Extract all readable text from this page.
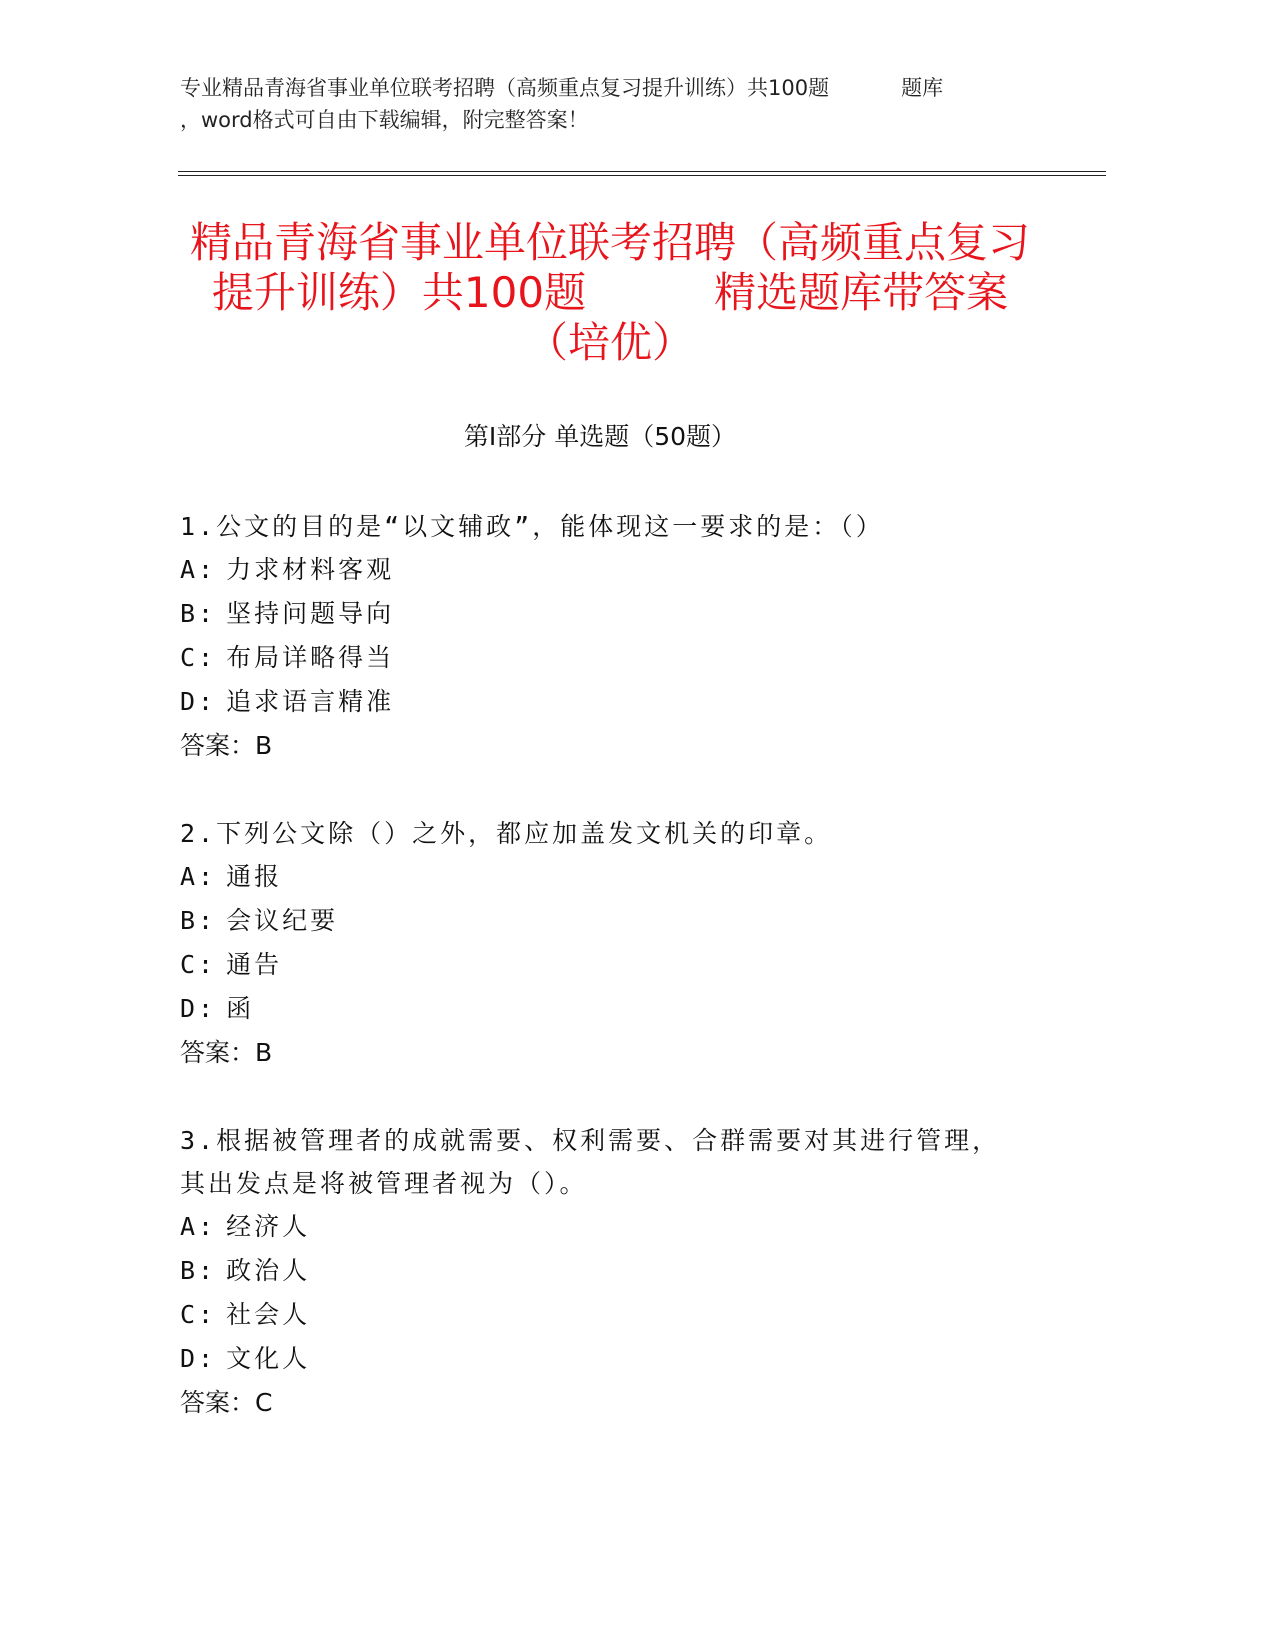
专业精品青海省事业单位联考招聘（高频重点复习提升训练）共100题	题库
，word格式可自由下载编辑，附完整答案！
精品青海省事业单位联考招聘（高频重点复习提升训练）共100题	精选题库带答案（培优）
第Ⅰ部分 单选题（50题）
1.公文的目的是“以文辅政”，能体现这一要求的是：（）
A: 力求材料客观
B: 坚持问题导向
C: 布局详略得当
D: 追求语言精准
答案：B
2.下列公文除（）之外，都应加盖发文机关的印章。
A: 通报
B: 会议纪要
C: 通告
D: 函
答案：B
3.根据被管理者的成就需要、权利需要、合群需要对其进行管理，其出发点是将被管理者视为（）。
A: 经济人
B: 政治人
C: 社会人
D: 文化人
答案：C
